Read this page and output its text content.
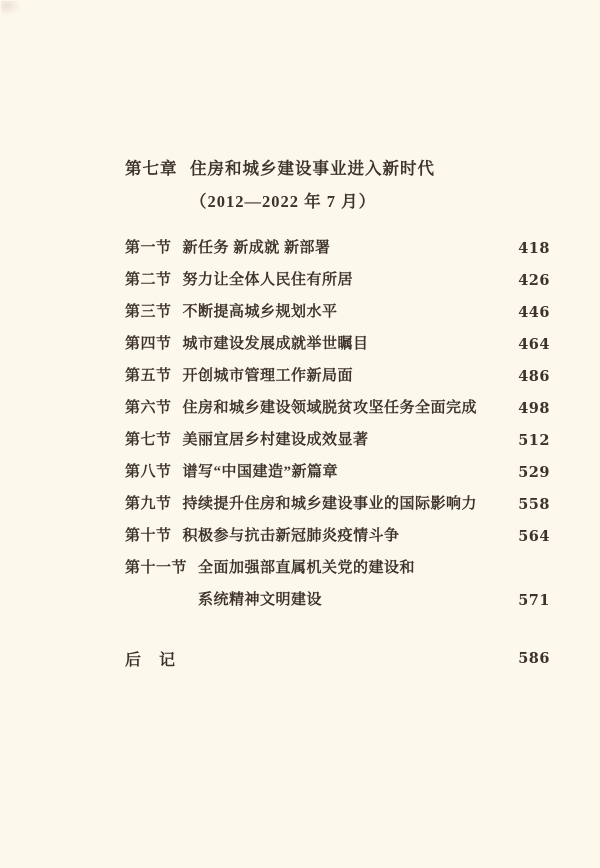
第七章 住房和城乡建设事业进入新时代
（2012—2022 年 7 月）
第一节 新任务 新成就 新部署	418
第二节 努力让全体人民住有所居	426
第三节 不断提高城乡规划水平	446
第四节 城市建设发展成就举世瞩目	464
第五节 开创城市管理工作新局面	486
第六节 住房和城乡建设领域脱贫攻坚任务全面完成	498
第七节 美丽宜居乡村建设成效显著	512
第八节 谱写“中国建造”新篇章	529
第九节 持续提升住房和城乡建设事业的国际影响力	558
第十节 积极参与抗击新冠肺炎疫情斗争	564
第十一节 全面加强部直属机关党的建设和
系统精神文明建设	571
后　记	586
